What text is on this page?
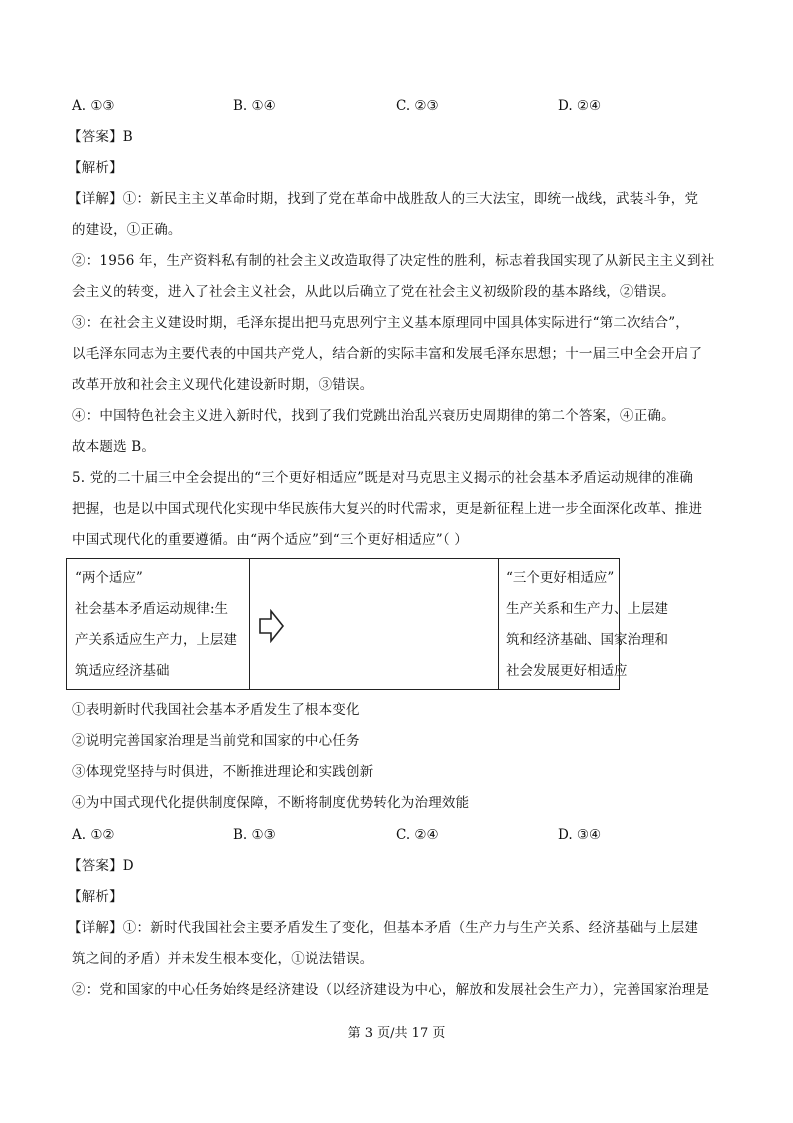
A. ①③	B. ①④	C. ②③	D. ②④
【答案】B
【解析】
【详解】①：新民主主义革命时期，找到了党在革命中战胜敌人的三大法宝，即统一战线，武装斗争，党
的建设，①正确。
②：1956 年，生产资料私有制的社会主义改造取得了决定性的胜利，标志着我国实现了从新民主主义到社
会主义的转变，进入了社会主义社会，从此以后确立了党在社会主义初级阶段的基本路线，②错误。
③：在社会主义建设时期，毛泽东提出把马克思列宁主义基本原理同中国具体实际进行“第二次结合”，
以毛泽东同志为主要代表的中国共产党人，结合新的实际丰富和发展毛泽东思想；十一届三中全会开启了
改革开放和社会主义现代化建设新时期，③错误。
④：中国特色社会主义进入新时代，找到了我们党跳出治乱兴衰历史周期律的第二个答案，④正确。
故本题选 B。
5. 党的二十届三中全会提出的“三个更好相适应”既是对马克思主义揭示的社会基本矛盾运动规律的准确
把握，也是以中国式现代化实现中华民族伟大复兴的时代需求，更是新征程上进一步全面深化改革、推进
中国式现代化的重要遵循。由“两个适应”到“三个更好相适应”（ ）
“两个适应”
社会基本矛盾运动规律:生
产关系适应生产力，上层建
筑适应经济基础
“三个更好相适应”
生产关系和生产力、上层建
筑和经济基础、国家治理和
社会发展更好相适应
①表明新时代我国社会基本矛盾发生了根本变化
②说明完善国家治理是当前党和国家的中心任务
③体现党坚持与时俱进，不断推进理论和实践创新
④为中国式现代化提供制度保障，不断将制度优势转化为治理效能
A. ①②	B. ①③	C. ②④	D. ③④
【答案】D
【解析】
【详解】①：新时代我国社会主要矛盾发生了变化，但基本矛盾（生产力与生产关系、经济基础与上层建
筑之间的矛盾）并未发生根本变化，①说法错误。
②：党和国家的中心任务始终是经济建设（以经济建设为中心，解放和发展社会生产力），完善国家治理是
第 3 页/共 17 页
